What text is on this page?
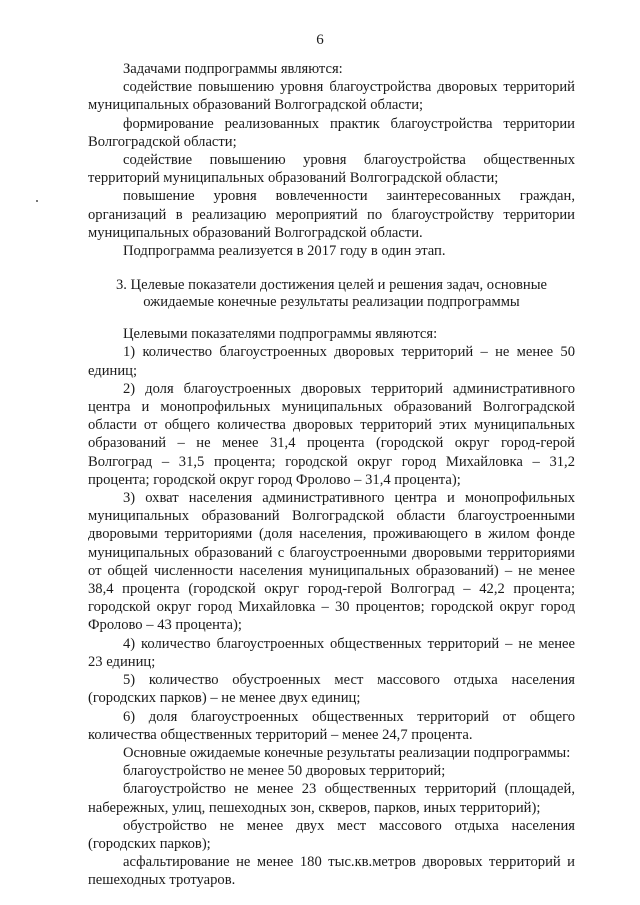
6

Задачами подпрограммы являются:

содействие повышению уровня благоустройства дворовых территорий муниципальных образований Волгоградской области;

формирование реализованных практик благоустройства территории Волгоградской области;

содействие повышению уровня благоустройства общественных территорий муниципальных образований Волгоградской области;

повышение уровня вовлеченности заинтересованных граждан, организаций в реализацию мероприятий по благоустройству территории муниципальных образований Волгоградской области.

Подпрограмма реализуется в 2017 году в один этап.

3. Целевые показатели достижения целей и решения задач, основные
ожидаемые конечные результаты реализации подпрограммы

Целевыми показателями подпрограммы являются:

1) количество благоустроенных дворовых территорий – не менее 50 единиц;

2) доля благоустроенных дворовых территорий административного центра и монопрофильных муниципальных образований Волгоградской области от общего количества дворовых территорий этих муниципальных образований – не менее 31,4 процента (городской округ город-герой Волгоград – 31,5 процента; городской округ город Михайловка – 31,2 процента; городской округ город Фролово – 31,4 процента);

3) охват населения административного центра и монопрофильных муниципальных образований Волгоградской области благоустроенными дворовыми территориями (доля населения, проживающего в жилом фонде муниципальных образований с благоустроенными дворовыми территориями от общей численности населения муниципальных образований) – не менее 38,4 процента (городской округ город-герой Волгоград – 42,2 процента; городской округ город Михайловка – 30 процентов; городской округ город Фролово – 43 процента);

4) количество благоустроенных общественных территорий – не менее 23 единиц;

5) количество обустроенных мест массового отдыха населения (городских парков) – не менее двух единиц;

6) доля благоустроенных общественных территорий от общего количества общественных территорий – менее 24,7 процента.

Основные ожидаемые конечные результаты реализации подпрограммы:

благоустройство не менее 50 дворовых территорий;

благоустройство не менее 23 общественных территорий (площадей, набережных, улиц, пешеходных зон, скверов, парков, иных территорий);

обустройство не менее двух мест массового отдыха населения (городских парков);

асфальтирование не менее 180 тыс.кв.метров дворовых территорий и пешеходных тротуаров.
